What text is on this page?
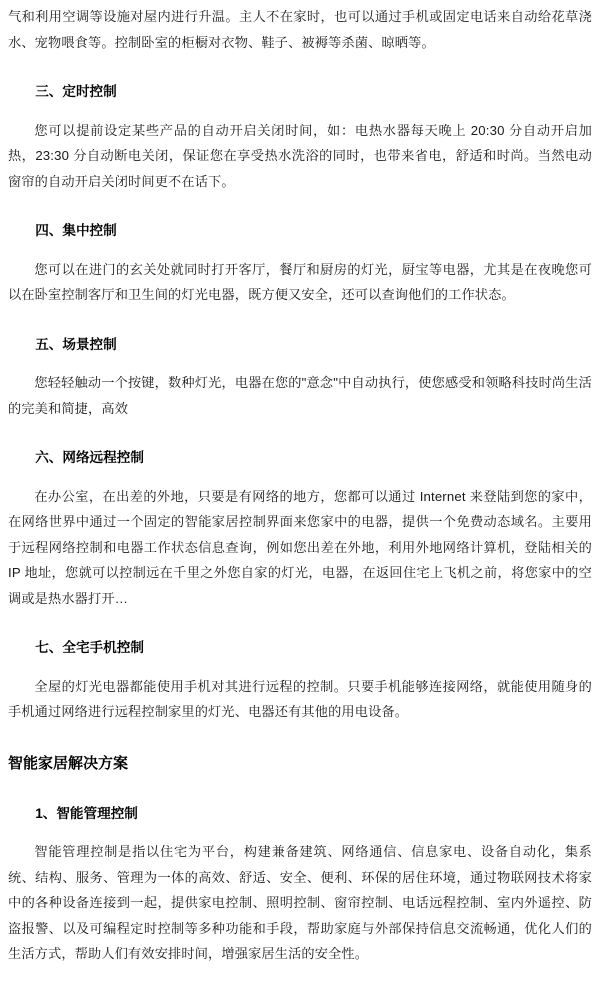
气和利用空调等设施对屋内进行升温。主人不在家时，也可以通过手机或固定电话来自动给花草浇水、宠物喂食等。控制卧室的柜橱对衣物、鞋子、被褥等杀菌、晾晒等。

三、定时控制

您可以提前设定某些产品的自动开启关闭时间，如：电热水器每天晚上 20:30 分自动开启加热，23:30 分自动断电关闭，保证您在享受热水洗浴的同时，也带来省电，舒适和时尚。当然电动窗帘的自动开启关闭时间更不在话下。

四、集中控制

您可以在进门的玄关处就同时打开客厅，餐厅和厨房的灯光，厨宝等电器，尤其是在夜晚您可以在卧室控制客厅和卫生间的灯光电器，既方便又安全，还可以查询他们的工作状态。

五、场景控制

您轻轻触动一个按键，数种灯光，电器在您的"意念"中自动执行，使您感受和领略科技时尚生活的完美和简捷，高效

六、网络远程控制

在办公室，在出差的外地，只要是有网络的地方，您都可以通过 Internet 来登陆到您的家中，在网络世界中通过一个固定的智能家居控制界面来您家中的电器，提供一个免费动态域名。主要用于远程网络控制和电器工作状态信息查询，例如您出差在外地，利用外地网络计算机，登陆相关的 IP 地址，您就可以控制远在千里之外您自家的灯光，电器，在返回住宅上飞机之前，将您家中的空调或是热水器打开…

七、全宅手机控制

全屋的灯光电器都能使用手机对其进行远程的控制。只要手机能够连接网络，就能使用随身的手机通过网络进行远程控制家里的灯光、电器还有其他的用电设备。

智能家居解决方案
1、智能管理控制

智能管理控制是指以住宅为平台，构建兼备建筑、网络通信、信息家电、设备自动化，集系统、结构、服务、管理为一体的高效、舒适、安全、便利、环保的居住环境，通过物联网技术将家中的各种设备连接到一起，提供家电控制、照明控制、窗帘控制、电话远程控制、室内外遥控、防盗报警、以及可编程定时控制等多种功能和手段，帮助家庭与外部保持信息交流畅通，优化人们的生活方式，帮助人们有效安排时间，增强家居生活的安全性。
